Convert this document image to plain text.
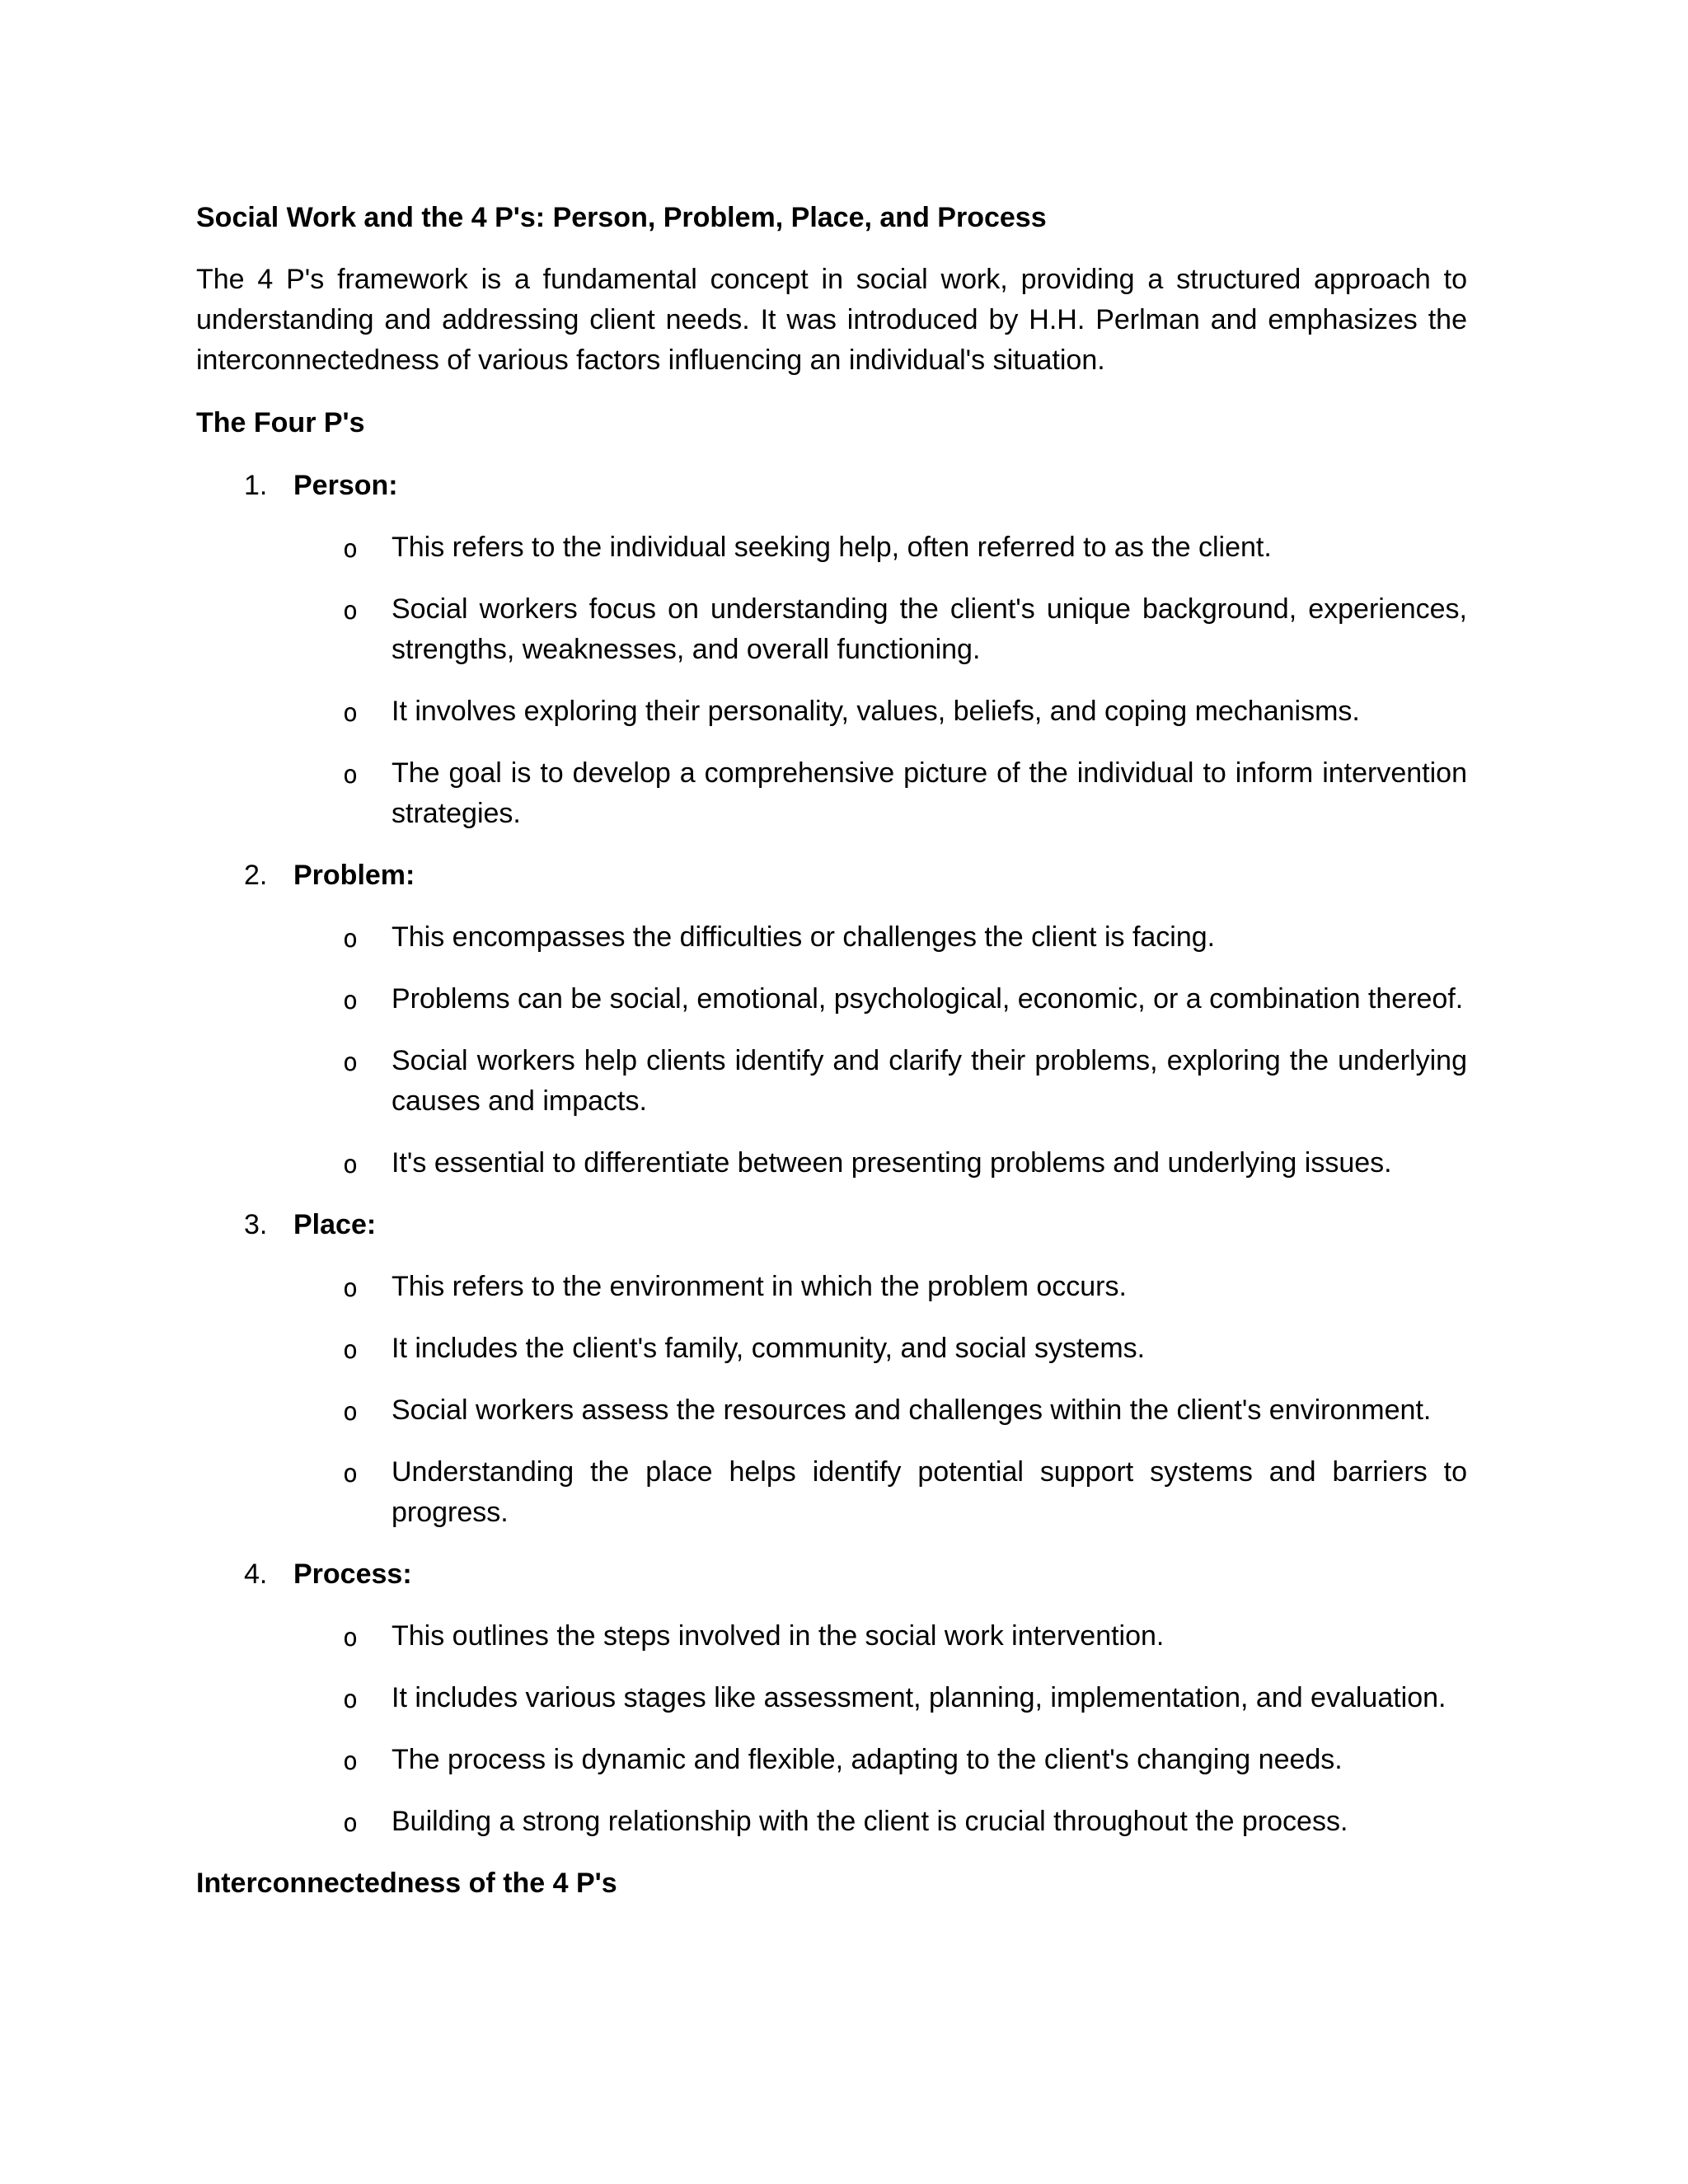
Social Work and the 4 P's: Person, Problem, Place, and Process

The 4 P's framework is a fundamental concept in social work, providing a structured approach to understanding and addressing client needs. It was introduced by H.H. Perlman and emphasizes the interconnectedness of various factors influencing an individual's situation.

The Four P's

1. Person:
o This refers to the individual seeking help, often referred to as the client.
o Social workers focus on understanding the client's unique background, experiences, strengths, weaknesses, and overall functioning.
o It involves exploring their personality, values, beliefs, and coping mechanisms.
o The goal is to develop a comprehensive picture of the individual to inform intervention strategies.
2. Problem:
o This encompasses the difficulties or challenges the client is facing.
o Problems can be social, emotional, psychological, economic, or a combination thereof.
o Social workers help clients identify and clarify their problems, exploring the underlying causes and impacts.
o It's essential to differentiate between presenting problems and underlying issues.
3. Place:
o This refers to the environment in which the problem occurs.
o It includes the client's family, community, and social systems.
o Social workers assess the resources and challenges within the client's environment.
o Understanding the place helps identify potential support systems and barriers to progress.
4. Process:
o This outlines the steps involved in the social work intervention.
o It includes various stages like assessment, planning, implementation, and evaluation.
o The process is dynamic and flexible, adapting to the client's changing needs.
o Building a strong relationship with the client is crucial throughout the process.

Interconnectedness of the 4 P's
